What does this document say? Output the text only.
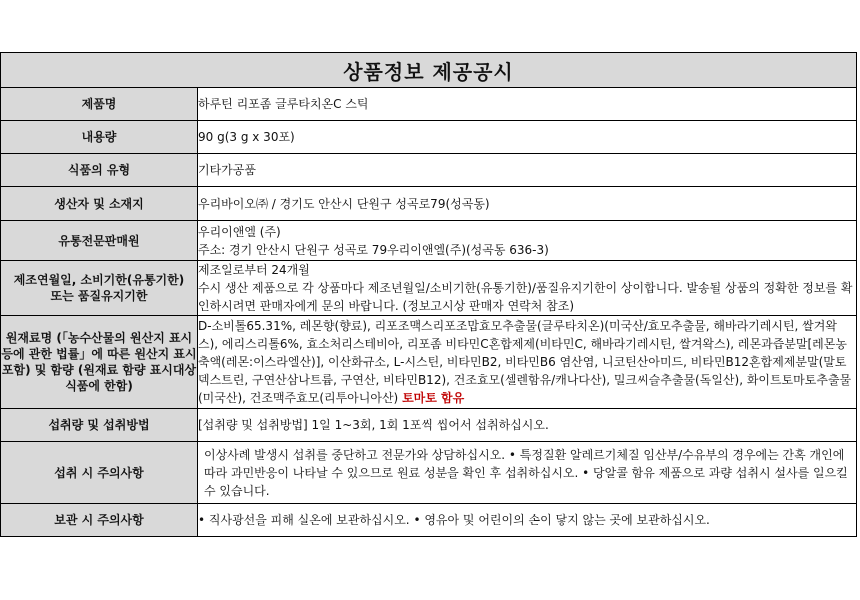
상품정보 제공공시	
제품명	하루틴 리포좀 글루타치온C 스틱
내용량	90 g(3 g x 30포)
식품의 유형	기타가공품
생산자 및 소재지	우리바이오㈜ / 경기도 안산시 단원구 성곡로79(성곡동)
유통전문판매원	우리이앤엘 (주)
주소: 경기 안산시 단원구 성곡로 79우리이앤엘(주)(성곡동 636-3)

제조연월일, 소비기한(유통기한)
또는 품질유지기한	제조일로부터 24개월
수시 생산 제품으로 각 상품마다 제조년월일/소비기한(유통기한)/품질유지기한이 상이합니다. 발송될 상품의 정확한 정보를 확인하시려면 판매자에게 문의 바랍니다. (정보고시상 판매자 연락처 참조)

원재료명 (「농수산물의 원산지 표시 등에 관한 법률」에 따른 원산지 표시 포함) 및 함량 (원재료 함량 표시대상 식품에 한함)	D-소비톨65.31%, 레몬향(향료), 리포조맥스리포조맙효모추출물(글루타치온)(미국산/효모추출물, 해바라기레시틴, 쌀겨왁스), 에리스리톨6%, 효소처리스테비아, 리포좀 비타민C혼합제제(비타민C, 해바라기레시틴, 쌀겨왁스), 레몬과즙분말[레몬농축액(레몬:이스라엘산)], 이산화규소, L-시스틴, 비타민B2, 비타민B6 염산염, 니코틴산아미드, 비타민B12혼합제제분말(말토덱스트린, 구연산삼나트륨, 구연산, 비타민B12), 건조효모(셀렌함유/캐나다산), 밀크씨슬추출물(독일산), 화이트토마토추출물(미국산), 건조맥주효모(리투아니아산) 토마토 함유
섭취량 및 섭취방법	[섭취량 및 섭취방법] 1일 1~3회, 1회 1포씩 씹어서 섭취하십시오.
섭취 시 주의사항	이상사례 발생시 섭취를 중단하고 전문가와 상담하십시오. • 특정질환 알레르기체질 임산부/수유부의 경우에는 간혹 개인에 따라 과민반응이 나타날 수 있으므로 원료 성분을 확인 후 섭취하십시오. • 당알콜 함유 제품으로 과량 섭취시 설사를 일으킬 수 있습니다.
보관 시 주의사항	• 직사광선을 피해 실온에 보관하십시오. • 영유아 및 어린이의 손이 닿지 않는 곳에 보관하십시오.
